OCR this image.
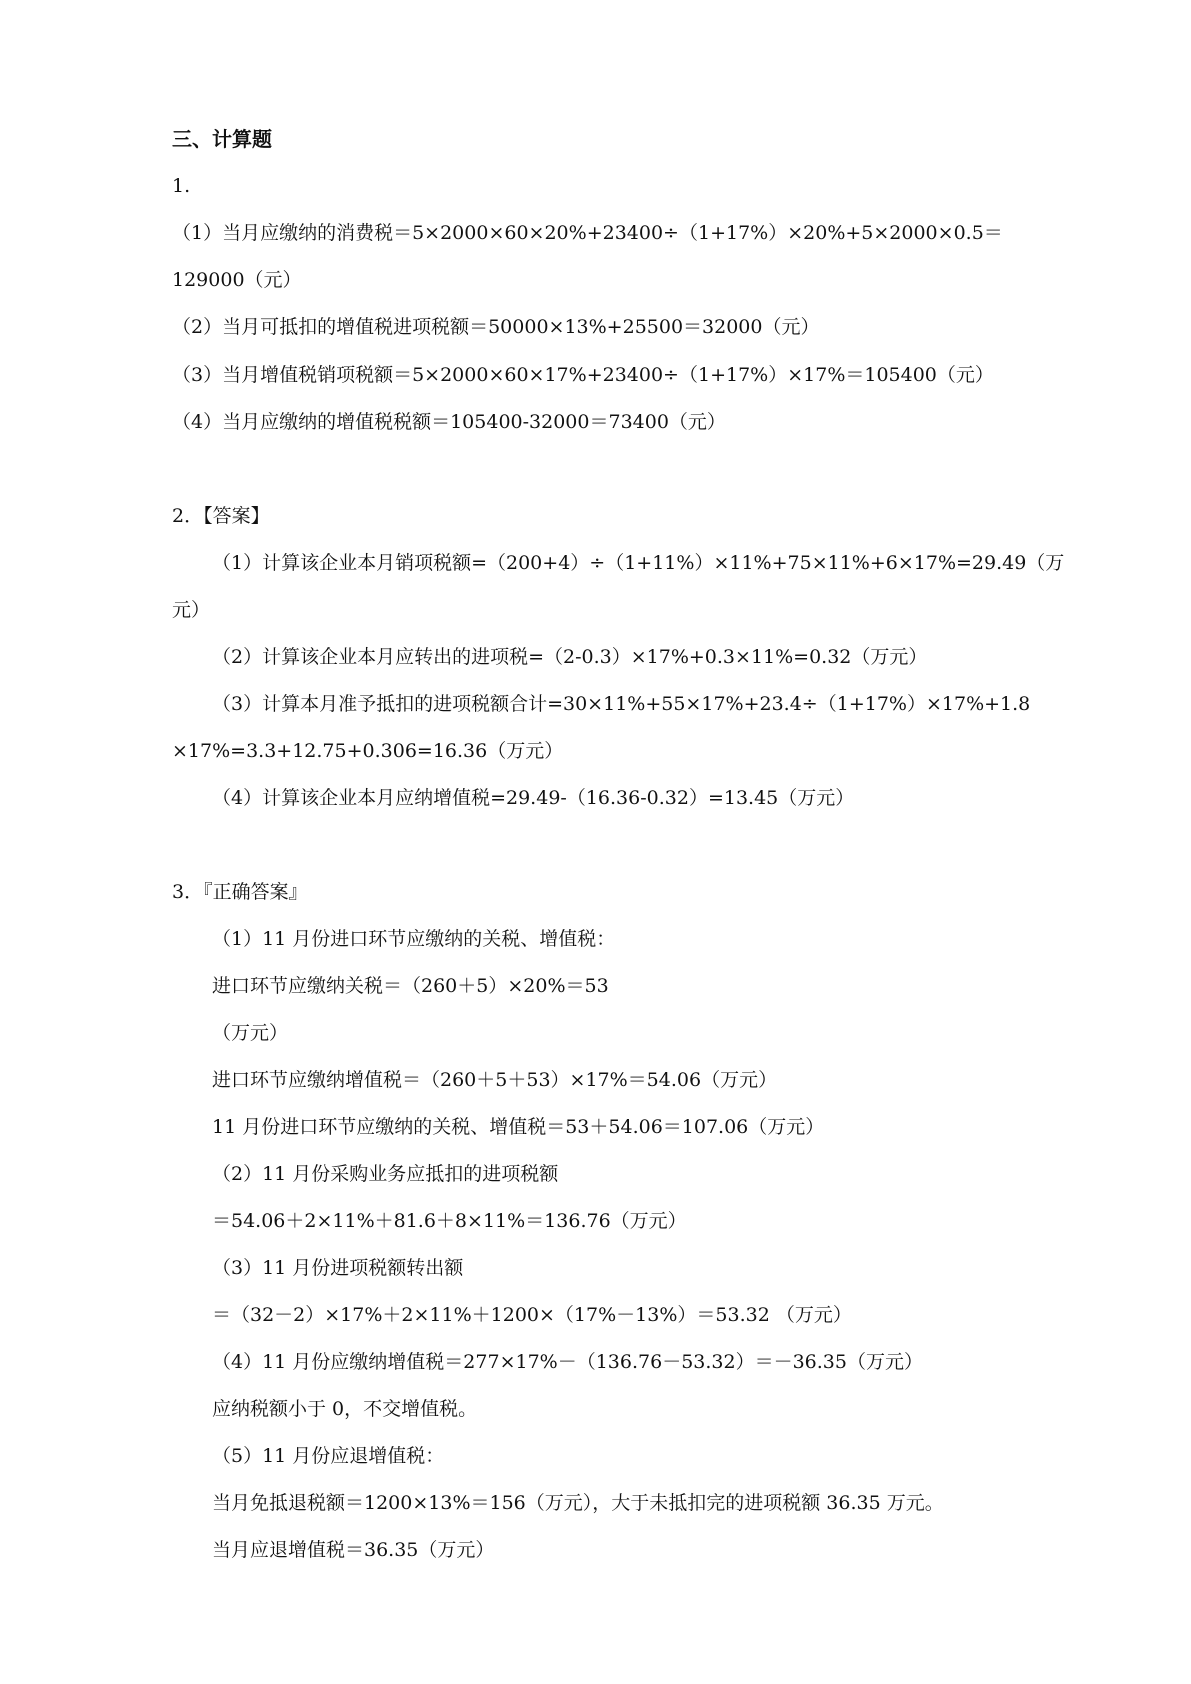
三、计算题

1.

（1）当月应缴纳的消费税＝5×2000×60×20%+23400÷（1+17%）×20%+5×2000×0.5＝

129000（元）

（2）当月可抵扣的增值税进项税额＝50000×13%+25500＝32000（元）

（3）当月增值税销项税额＝5×2000×60×17%+23400÷（1+17%）×17%＝105400（元）

（4）当月应缴纳的增值税税额＝105400-32000＝73400（元）

2．【答案】

（1）计算该企业本月销项税额=（200+4）÷（1+11%）×11%+75×11%+6×17%=29.49（万

元）

（2）计算该企业本月应转出的进项税=（2-0.3）×17%+0.3×11%=0.32（万元）

（3）计算本月准予抵扣的进项税额合计=30×11%+55×17%+23.4÷（1+17%）×17%+1.8

×17%=3.3+12.75+0.306=16.36（万元）

（4）计算该企业本月应纳增值税=29.49-（16.36-0.32）=13.45（万元）

3．『正确答案』

（1）11 月份进口环节应缴纳的关税、增值税：

进口环节应缴纳关税＝（260＋5）×20%＝53

（万元）

进口环节应缴纳增值税＝（260＋5＋53）×17%＝54.06（万元）

11 月份进口环节应缴纳的关税、增值税＝53＋54.06＝107.06（万元）

（2）11 月份采购业务应抵扣的进项税额

＝54.06＋2×11%＋81.6＋8×11%＝136.76（万元）

（3）11 月份进项税额转出额

＝（32－2）×17%＋2×11%＋1200×（17%－13%）＝53.32 （万元）

（4）11 月份应缴纳增值税＝277×17%－（136.76－53.32）＝－36.35（万元）

应纳税额小于 0，不交增值税。

（5）11 月份应退增值税：

当月免抵退税额＝1200×13%＝156（万元），大于未抵扣完的进项税额 36.35 万元。

当月应退增值税＝36.35（万元）
